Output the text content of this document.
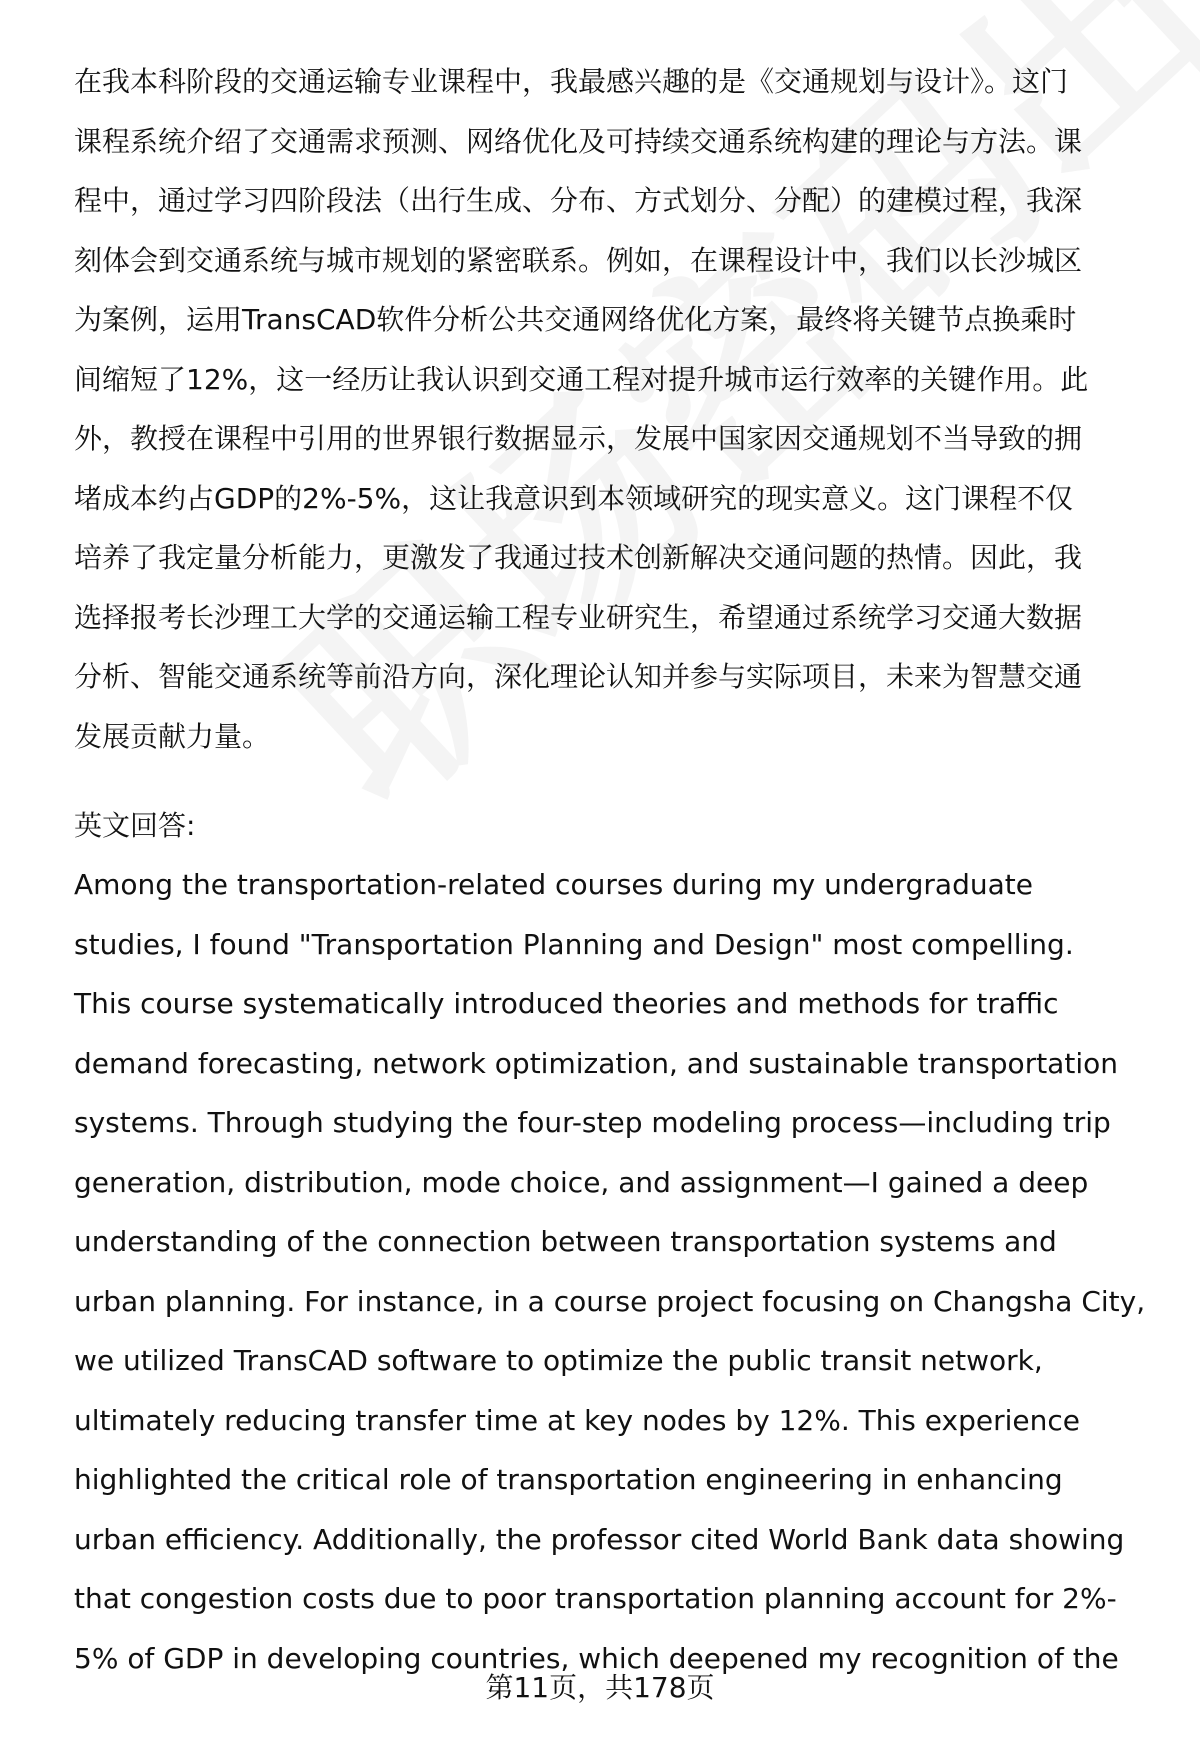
在我本科阶段的交通运输专业课程中，我最感兴趣的是《交通规划与设计》。这门
课程系统介绍了交通需求预测、网络优化及可持续交通系统构建的理论与方法。课
程中，通过学习四阶段法（出行生成、分布、方式划分、分配）的建模过程，我深
刻体会到交通系统与城市规划的紧密联系。例如，在课程设计中，我们以长沙城区
为案例，运用TransCAD软件分析公共交通网络优化方案，最终将关键节点换乘时
间缩短了12%，这一经历让我认识到交通工程对提升城市运行效率的关键作用。此
外，教授在课程中引用的世界银行数据显示，发展中国家因交通规划不当导致的拥
堵成本约占GDP的2%-5%，这让我意识到本领域研究的现实意义。这门课程不仅
培养了我定量分析能力，更激发了我通过技术创新解决交通问题的热情。因此，我
选择报考长沙理工大学的交通运输工程专业研究生，希望通过系统学习交通大数据
分析、智能交通系统等前沿方向，深化理论认知并参与实际项目，未来为智慧交通
发展贡献力量。
英文回答:
Among the transportation-related courses during my undergraduate
studies, I found "Transportation Planning and Design" most compelling.
This course systematically introduced theories and methods for traffic
demand forecasting, network optimization, and sustainable transportation
systems. Through studying the four-step modeling process—including trip
generation, distribution, mode choice, and assignment—I gained a deep
understanding of the connection between transportation systems and
urban planning. For instance, in a course project focusing on Changsha City,
we utilized TransCAD software to optimize the public transit network,
ultimately reducing transfer time at key nodes by 12%. This experience
highlighted the critical role of transportation engineering in enhancing
urban efficiency. Additionally, the professor cited World Bank data showing
that congestion costs due to poor transportation planning account for 2%-
5% of GDP in developing countries, which deepened my recognition of the
第11页，共178页
